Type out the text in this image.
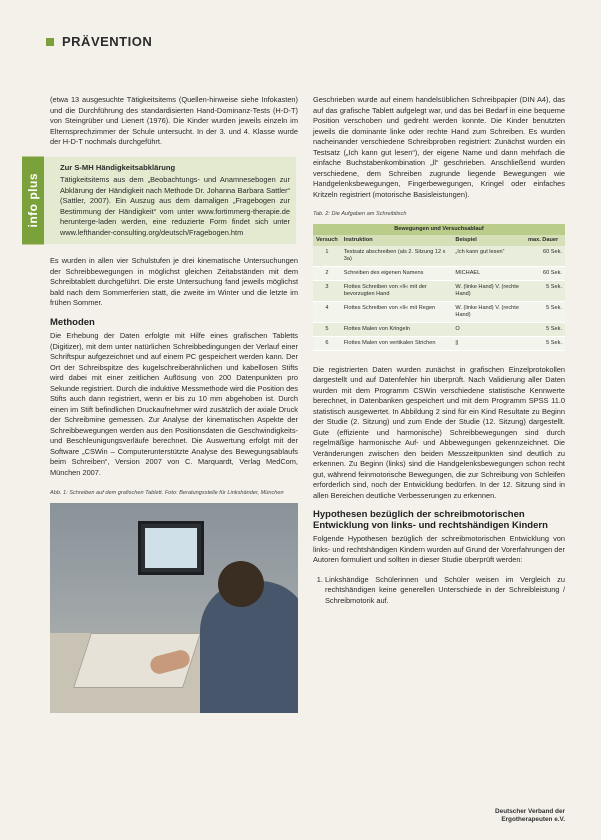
PRÄVENTION

(etwa 13 ausgesuchte Tätigkeitsitems (Quellen-hinweise siehe Infokasten) und die Durchführung des standardisierten Hand-Dominanz-Tests (H-D-T) von Steingrüber und Lienert (1976). Die Kinder wurden jeweils einzeln im Elternsprechzimmer der Schule untersucht. In der 3. und 4. Klasse wurde der H-D-T nochmals durchgeführt.

info plus
Zur S-MH Händigkeitsabklärung

Tätigkeitsitems aus dem „Beobachtungs- und Anamnesebogen zur Abklärung der Händigkeit nach Methode Dr. Johanna Barbara Sattler“ (Sattler, 2007). Ein Auszug aus dem damaligen „Fragebogen zur Bestimmung der Händigkeit“ vom unter www.fortimmerg-therapie.de herunterge-laden werden, eine reduzierte Form findet sich unter www.lefthander-consulting.org/deutsch/Fragebogen.htm

Es wurden in allen vier Schulstufen je drei kinematische Untersuchungen der Schreibbewegungen in möglichst gleichen Zeitabständen mit dem Schreibtablett durchgeführt. Die erste Untersuchung fand jeweils möglichst bald nach dem Sommerferien statt, die zweite im Winter und die letzte im frühen Sommer.

Methoden

Die Erhebung der Daten erfolgte mit Hilfe eines grafischen Tabletts (Digitizer), mit dem unter natürlichen Schreibbedingungen der Verlauf einer Schriftspur aufgezeichnet und auf einem PC gespeichert werden kann. Der Ort der Schreibspitze des kugelschreiberähnlichen und kabellosen Stifts wird dabei mit einer zeitlichen Auflösung von 200 Datenpunkten pro Sekunde registriert. Durch die induktive Messmethode wird die Position des Stifts auch dann registriert, wenn er bis zu 10 mm abgehoben ist. Durch einen im Stift befindlichen Druckaufnehmer wird zusätzlich der axiale Druck der Schreibmine gemessen. Zur Analyse der kinematischen Aspekte der Schreibbewegungen werden aus den Positionsdaten die Geschwindigkeits- und Beschleunigungsverläufe berechnet. Die Auswertung erfolgt mit der Software „CSWin – Computerunterstützte Analyse des Bewegungsablaufs beim Schreiben“, Version 2007 von C. Marquardt, Verlag MedCom, München 2007.

Abb. 1: Schreiben auf dem grafischen Tablett. Foto: Beratungsstelle für Linkshänder, München

Geschrieben wurde auf einem handelsüblichen Schreibpapier (DIN A4), das auf das grafische Tablett aufgelegt war, und das bei Bedarf in eine bequeme Position verschoben und gedreht werden konnte. Die Kinder benutzten jeweils die dominante linke oder rechte Hand zum Schreiben. Es wurden nacheinander verschiedene Schreibproben registriert: Zunächst wurden ein Testsatz („Ich kann gut lesen“), der eigene Name und dann mehrfach die einfache Buchstabenkombination „ll“ geschrieben. Anschließend wurden verschiedene, dem Schreiben zugrunde liegende Bewegungen wie Handgelenksbewegungen, Fingerbewegungen, Kringel oder einfaches Kritzeln registriert (motorische Basisleistungen).

Tab. 2: Die Aufgaben am Schreibtisch
Bewegungen und Versuchsablauf			
Versuch	Instruktion	Beispiel	max. Dauer
1	Testsatz abschreiben (als 2. Sitzung 12 x 3a)	„Ich kann gut lesen“	60 Sek.
2	Schreiben des eigenen Namens	MICHAEL	60 Sek.
3	Flottes Schreiben von »ll« mit der bevorzugten Hand	W. (linke Hand) V. (rechte Hand)	5 Sek.
4	Flottes Schreiben von »ll« mit Regen	W. (linke Hand) V. (rechte Hand)	5 Sek.
5	Flottes Malen von Kringeln	O	5 Sek.
6	Flottes Malen von vertikalen Strichen	||	5 Sek.

Die registrierten Daten wurden zunächst in grafischen Einzelprotokollen dargestellt und auf Datenfehler hin überprüft. Nach Validierung aller Daten wurden mit dem Programm CSWin verschiedene statistische Kennwerte berechnet, in Datenbanken gespeichert und mit dem Programm SPSS 11.0 statistisch ausgewertet. In Abbildung 2 sind für ein Kind Resultate zu Beginn der Studie (2. Sitzung) und zum Ende der Studie (12. Sitzung) dargestellt. Gute (effiziente und harmonische) Schreibbewegungen sind durch regelmäßige harmonische Auf- und Abbewegungen gekennzeichnet. Die Veränderungen zwischen den beiden Messzeitpunkten sind deutlich zu erkennen. Zu Beginn (links) sind die Handgelenksbewegungen schon recht gut, während feinmotorische Bewegungen, die zur Schreibung von Schleifen erforderlich sind, noch der Entwicklung bedürfen. In der 12. Sitzung sind in allen Bereichen deutliche Verbesserungen zu erkennen.

Hypothesen bezüglich der schreibmotorischen Entwicklung von links- und rechtshändigen Kindern

Folgende Hypothesen bezüglich der schreibmotorischen Entwicklung von links- und rechtshändigen Kindern wurden auf Grund der Vorerfahrungen der Autoren formuliert und sollten in dieser Studie überprüft werden:

1. Linkshändige Schülerinnen und Schüler weisen im Vergleich zu rechtshändigen keine generellen Unterschiede in der Schreibleistung / Schreibmotorik auf.
Deutscher Verband der
Ergotherapeuten e.V.
